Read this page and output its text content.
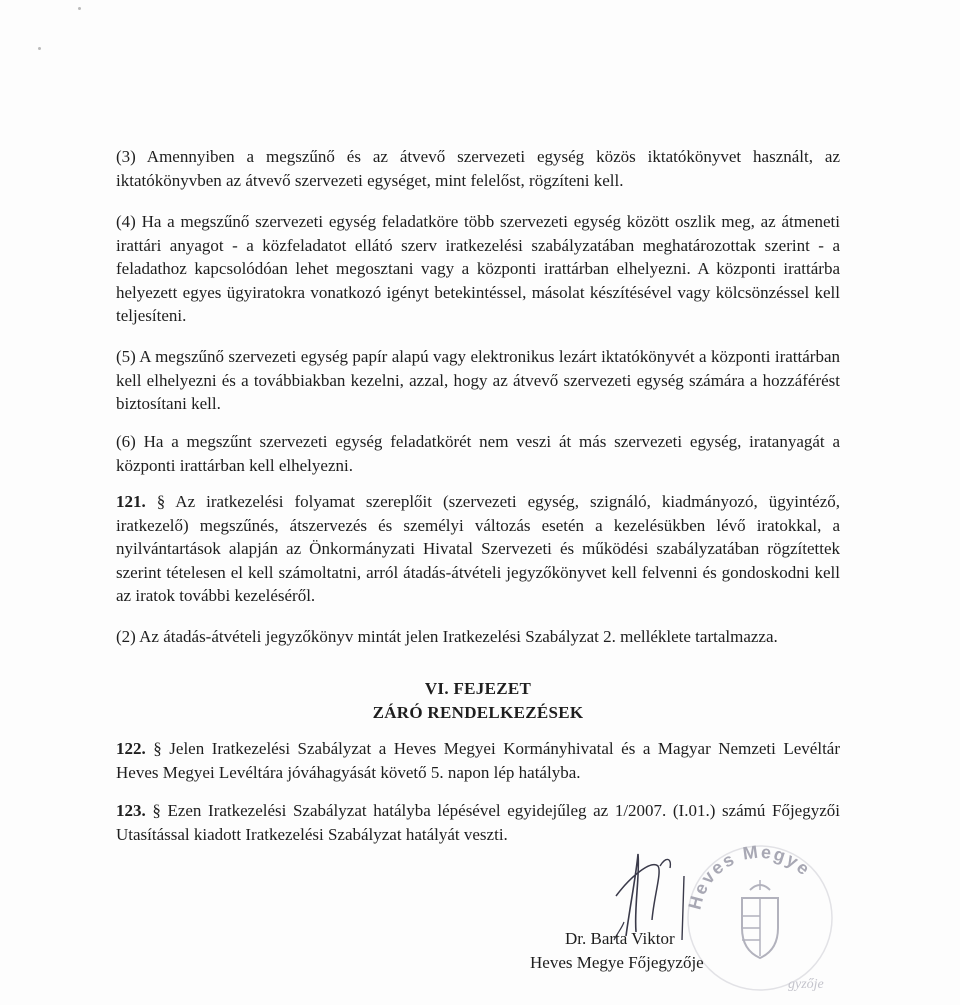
(3) Amennyiben a megszűnő és az átvevő szervezeti egység közös iktatókönyvet használt, az iktatókönyvben az átvevő szervezeti egységet, mint felelőst, rögzíteni kell.

(4) Ha a megszűnő szervezeti egység feladatköre több szervezeti egység között oszlik meg, az átmeneti irattári anyagot - a közfeladatot ellátó szerv iratkezelési szabályzatában meghatározottak szerint - a feladathoz kapcsolódóan lehet megosztani vagy a központi irattárban elhelyezni. A központi irattárba helyezett egyes ügyiratokra vonatkozó igényt betekintéssel, másolat készítésével vagy kölcsönzéssel kell teljesíteni.

(5) A megszűnő szervezeti egység papír alapú vagy elektronikus lezárt iktatókönyvét a központi irattárban kell elhelyezni és a továbbiakban kezelni, azzal, hogy az átvevő szervezeti egység számára a hozzáférést biztosítani kell.

(6) Ha a megszűnt szervezeti egység feladatkörét nem veszi át más szervezeti egység, iratanyagát a központi irattárban kell elhelyezni.

121. § Az iratkezelési folyamat szereplőit (szervezeti egység, szignáló, kiadmányozó, ügyintéző, iratkezelő) megszűnés, átszervezés és személyi változás esetén a kezelésükben lévő iratokkal, a nyilvántartások alapján az Önkormányzati Hivatal Szervezeti és működési szabályzatában rögzítettek szerint tételesen el kell számoltatni, arról átadás-átvételi jegyzőkönyvet kell felvenni és gondoskodni kell az iratok további kezeléséről.

(2) Az átadás-átvételi jegyzőkönyv mintát jelen Iratkezelési Szabályzat 2. melléklete tartalmazza.

VI. FEJEZET
ZÁRÓ RENDELKEZÉSEK

122. § Jelen Iratkezelési Szabályzat a Heves Megyei Kormányhivatal és a Magyar Nemzeti Levéltár Heves Megyei Levéltára jóváhagyását követő 5. napon lép hatályba.

123. § Ezen Iratkezelési Szabályzat hatályba lépésével egyidejűleg az 1/2007. (I.01.) számú Főjegyzői Utasítással kiadott Iratkezelési Szabályzat hatályát veszti.

Heves Megye
gyzője
Dr. Barta Viktor
Heves Megye Főjegyzője
